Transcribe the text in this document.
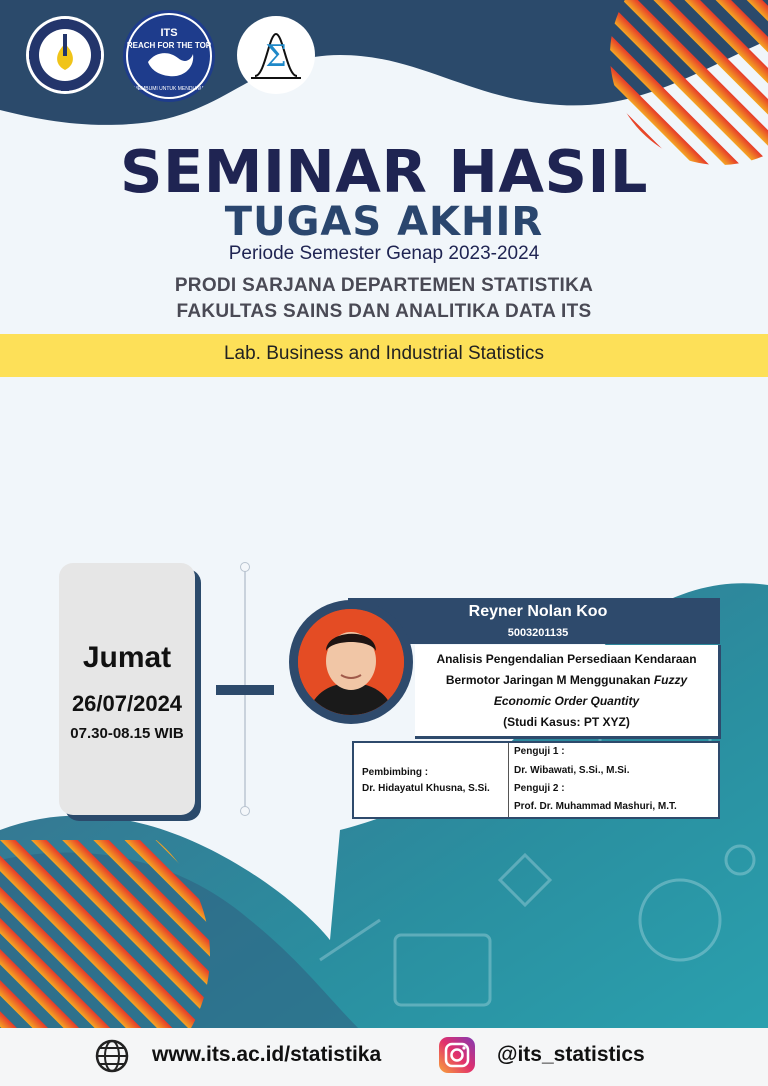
ITS
REACH FOR THE TOP
MEMBUMI UNTUK MENDUNIA
Σ
SEMINAR HASIL
TUGAS AKHIR
Periode Semester Genap 2023-2024
PRODI SARJANA DEPARTEMEN STATISTIKA
FAKULTAS SAINS DAN ANALITIKA DATA ITS
Lab. Business and Industrial Statistics
Jumat
26/07/2024
07.30-08.15 WIB
Reyner Nolan Koo
5003201135
Analisis Pengendalian Persediaan Kendaraan
Bermotor Jaringan M Menggunakan Fuzzy
Economic Order Quantity
(Studi Kasus: PT XYZ)
Pembimbing :
Dr. Hidayatul Khusna, S.Si.
Penguji 1 :
Dr. Wibawati, S.Si., M.Si.
Penguji 2 :
Prof. Dr. Muhammad Mashuri, M.T.
www.its.ac.id/statistika	@its_statistics
